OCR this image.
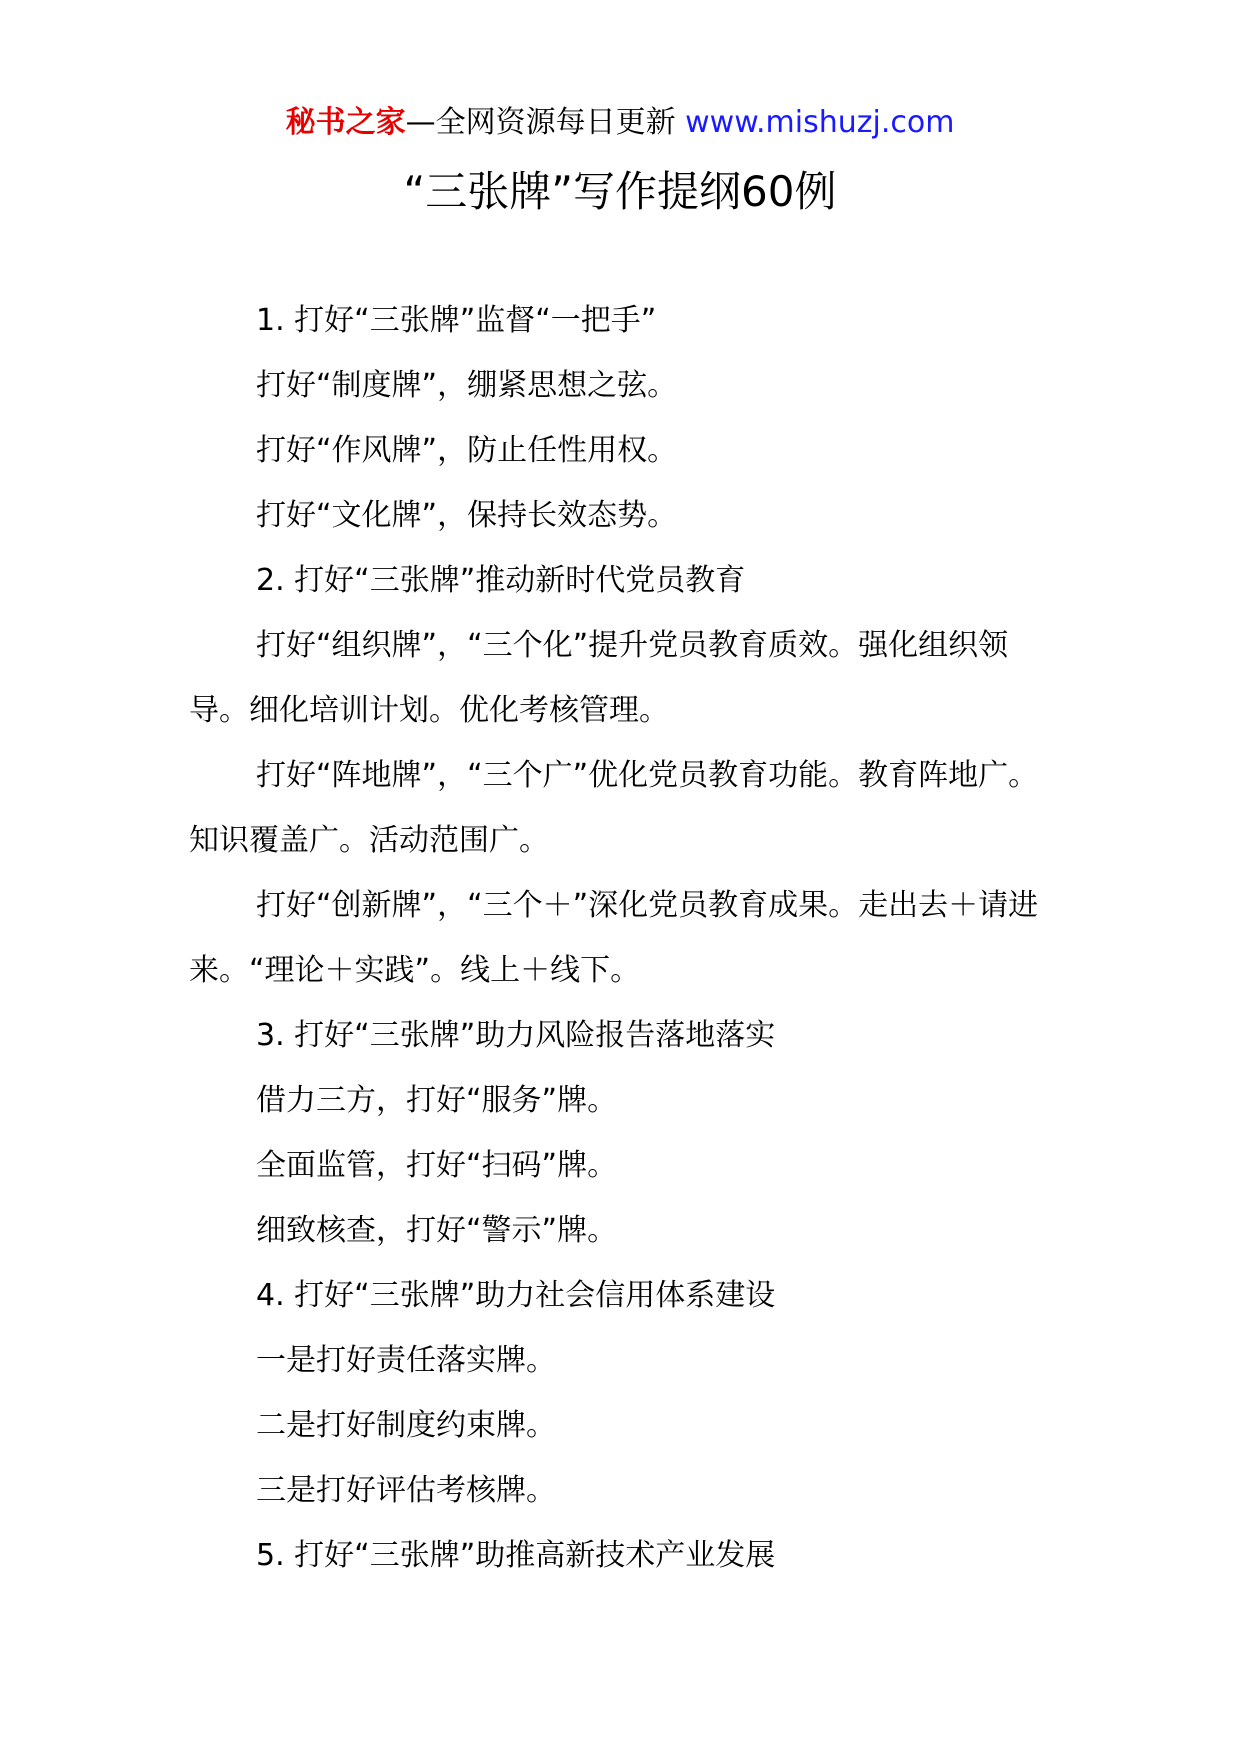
秘书之家—全网资源每日更新 www.mishuzj.com
“三张牌”写作提纲60例

1. 打好“三张牌”监督“一把手”

打好“制度牌”，绷紧思想之弦。

打好“作风牌”，防止任性用权。

打好“文化牌”，保持长效态势。

2. 打好“三张牌”推动新时代党员教育

打好“组织牌”，“三个化”提升党员教育质效。强化组织领导。细化培训计划。优化考核管理。

打好“阵地牌”，“三个广”优化党员教育功能。教育阵地广。知识覆盖广。活动范围广。

打好“创新牌”，“三个＋”深化党员教育成果。走出去＋请进来。“理论＋实践”。线上＋线下。

3. 打好“三张牌”助力风险报告落地落实

借力三方，打好“服务”牌。

全面监管，打好“扫码”牌。

细致核查，打好“警示”牌。

4. 打好“三张牌”助力社会信用体系建设

一是打好责任落实牌。

二是打好制度约束牌。

三是打好评估考核牌。

5. 打好“三张牌”助推高新技术产业发展
